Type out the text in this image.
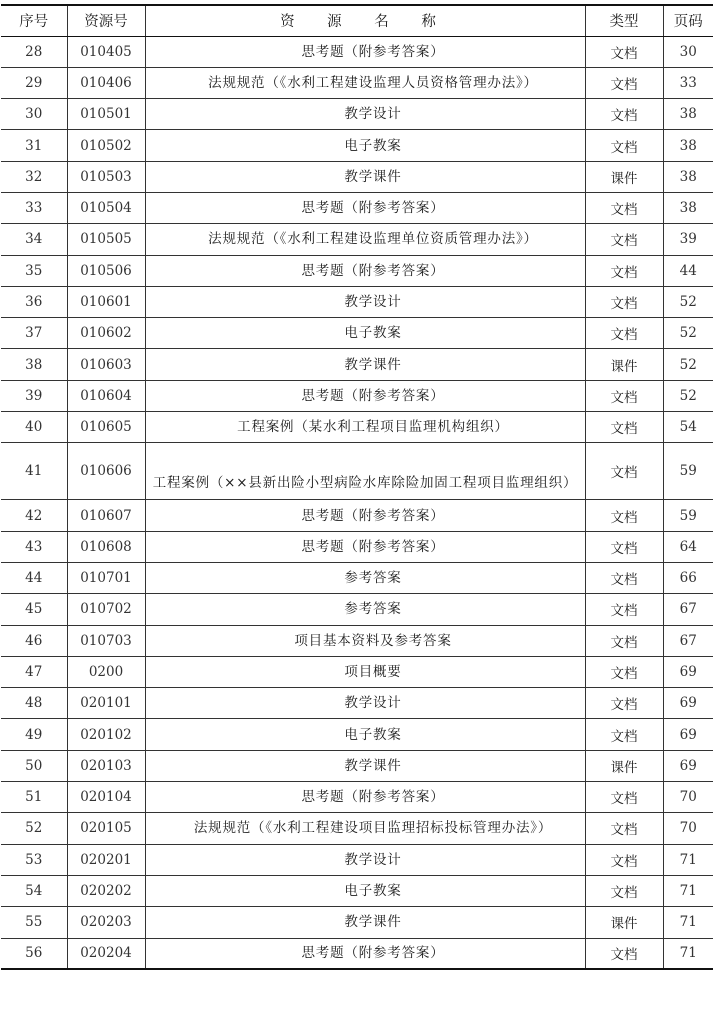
序号	资源号	资 源 名 称	类型	页码
28	010405	思考题（附参考答案）	文档	30
29	010406	法规规范（《水利工程建设监理人员资格管理办法》）	文档	33
30	010501	教学设计	文档	38
31	010502	电子教案	文档	38
32	010503	教学课件	课件	38
33	010504	思考题（附参考答案）	文档	38
34	010505	法规规范（《水利工程建设监理单位资质管理办法》）	文档	39
35	010506	思考题（附参考答案）	文档	44
36	010601	教学设计	文档	52
37	010602	电子教案	文档	52
38	010603	教学课件	课件	52
39	010604	思考题（附参考答案）	文档	52
40	010605	工程案例（某水利工程项目监理机构组织）	文档	54
41	010606	工程案例（××县新出险小型病险水库除险加固工程项目监理组织）	文档	59
42	010607	思考题（附参考答案）	文档	59
43	010608	思考题（附参考答案）	文档	64
44	010701	参考答案	文档	66
45	010702	参考答案	文档	67
46	010703	项目基本资料及参考答案	文档	67
47	0200	项目概要	文档	69
48	020101	教学设计	文档	69
49	020102	电子教案	文档	69
50	020103	教学课件	课件	69
51	020104	思考题（附参考答案）	文档	70
52	020105	法规规范（《水利工程建设项目监理招标投标管理办法》）	文档	70
53	020201	教学设计	文档	71
54	020202	电子教案	文档	71
55	020203	教学课件	课件	71
56	020204	思考题（附参考答案）	文档	71
